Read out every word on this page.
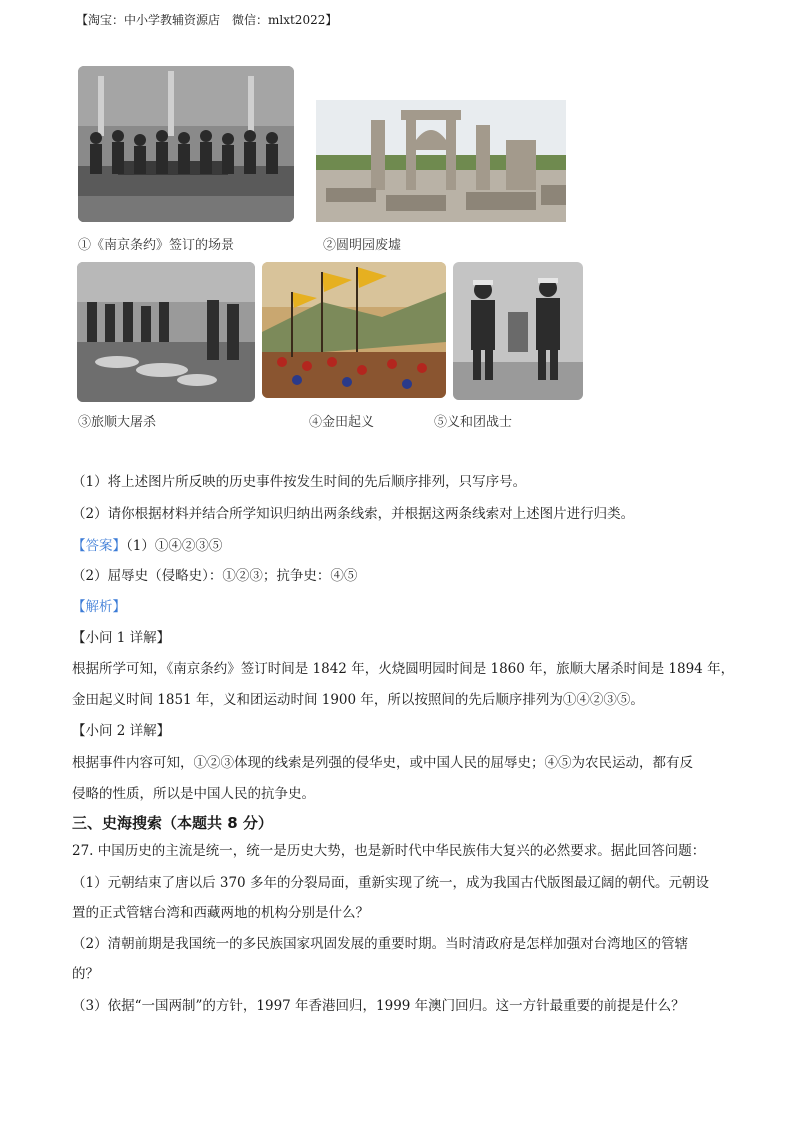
【淘宝：中小学教辅资源店　微信：mlxt2022】
①《南京条约》签订的场景	②圆明园废墟
③旅顺大屠杀	④金田起义	⑤义和团战士
（1）将上述图片所反映的历史事件按发生时间的先后顺序排列，只写序号。
（2）请你根据材料并结合所学知识归纳出两条线索，并根据这两条线索对上述图片进行归类。
【答案】（1）①④②③⑤
（2）屈辱史（侵略史）：①②③；抗争史：④⑤
【解析】
【小问 1 详解】
根据所学可知，《南京条约》签订时间是 1842 年，火烧圆明园时间是 1860 年，旅顺大屠杀时间是 1894 年，
金田起义时间 1851 年，义和团运动时间 1900 年，所以按照间的先后顺序排列为①④②③⑤。
【小问 2 详解】
根据事件内容可知，①②③体现的线索是列强的侵华史，或中国人民的屈辱史；④⑤为农民运动，都有反
侵略的性质，所以是中国人民的抗争史。
三、史海搜索（本题共 8 分）
27. 中国历史的主流是统一，统一是历史大势，也是新时代中华民族伟大复兴的必然要求。据此回答问题：
（1）元朝结束了唐以后 370 多年的分裂局面，重新实现了统一，成为我国古代版图最辽阔的朝代。元朝设
置的正式管辖台湾和西藏两地的机构分别是什么？
（2）清朝前期是我国统一的多民族国家巩固发展的重要时期。当时清政府是怎样加强对台湾地区的管辖
的？
（3）依据“一国两制”的方针，1997 年香港回归，1999 年澳门回归。这一方针最重要的前提是什么？
